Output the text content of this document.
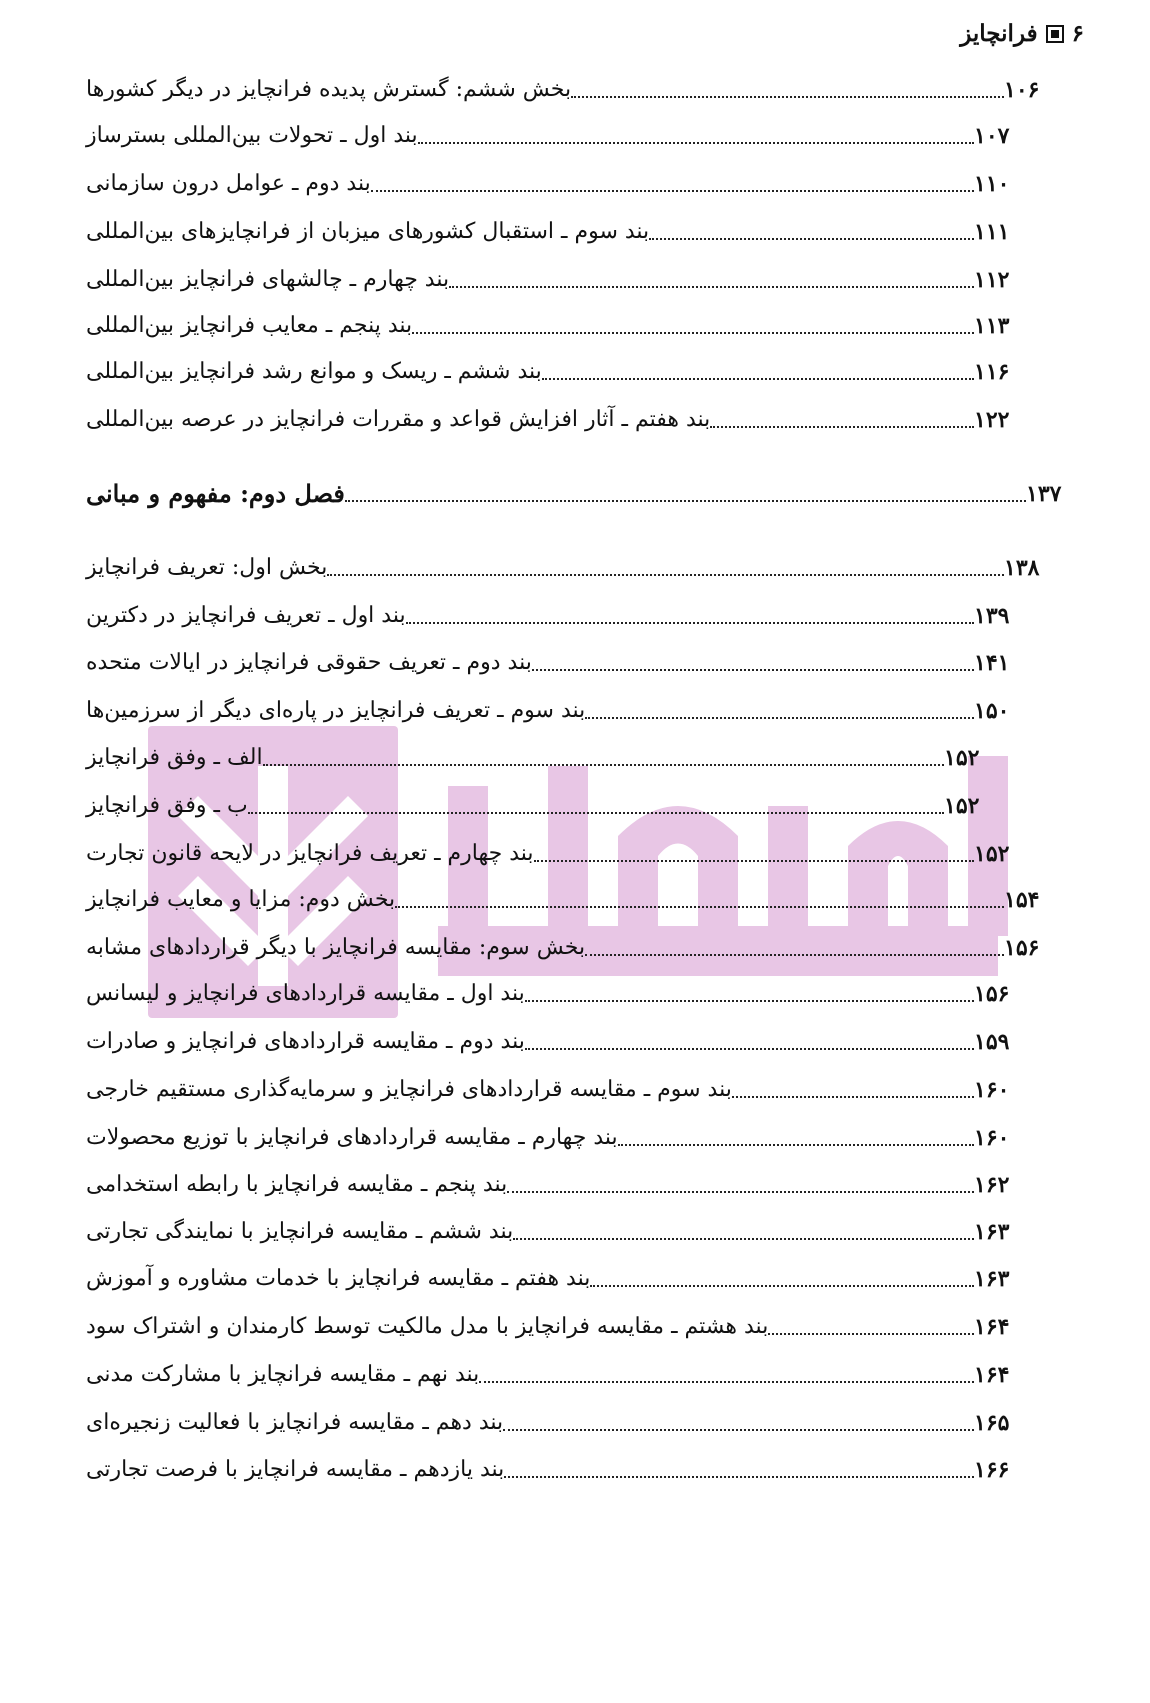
۶
فرانچایز
بخش ششم: گسترش پدیده فرانچایز در دیگر کشورها	۱۰۶
بند اول ـ تحولات بین‌المللی بسترساز	۱۰۷
بند دوم ـ عوامل درون سازمانی	۱۱۰
بند سوم ـ استقبال کشورهای میزبان از فرانچایزهای بین‌المللی	۱۱۱
بند چهارم ـ چالشهای فرانچایز بین‌المللی	۱۱۲
بند پنجم ـ معایب فرانچایز بین‌المللی	۱۱۳
بند ششم ـ ریسک و موانع رشد فرانچایز بین‌المللی	۱۱۶
بند هفتم ـ آثار افزایش قواعد و مقررات فرانچایز در عرصه بین‌المللی	۱۲۲
فصل دوم: مفهوم و مبانی	۱۳۷
بخش اول: تعریف فرانچایز	۱۳۸
بند اول ـ تعریف فرانچایز در دکترین	۱۳۹
بند دوم ـ تعریف حقوقی فرانچایز در ایالات متحده	۱۴۱
بند سوم ـ تعریف فرانچایز در پاره‌ای دیگر از سرزمین‌ها	۱۵۰
الف ـ وفق فرانچایز	۱۵۲
ب ـ وفق فرانچایز	۱۵۲
بند چهارم ـ تعریف فرانچایز در لایحه قانون تجارت	۱۵۲
بخش دوم: مزایا و معایب فرانچایز	۱۵۴
بخش سوم: مقایسه فرانچایز با دیگر قراردادهای مشابه	۱۵۶
بند اول ـ مقایسه قراردادهای فرانچایز و لیسانس	۱۵۶
بند دوم ـ مقایسه قراردادهای فرانچایز و صادرات	۱۵۹
بند سوم ـ مقایسه قراردادهای فرانچایز و سرمایه‌گذاری مستقیم خارجی	۱۶۰
بند چهارم ـ مقایسه قراردادهای فرانچایز با توزیع محصولات	۱۶۰
بند پنجم ـ مقایسه فرانچایز با رابطه استخدامی	۱۶۲
بند ششم ـ مقایسه فرانچایز با نمایندگی تجارتی	۱۶۳
بند هفتم ـ مقایسه فرانچایز با خدمات مشاوره و آموزش	۱۶۳
بند هشتم ـ مقایسه فرانچایز با مدل مالکیت توسط کارمندان و اشتراک سود	۱۶۴
بند نهم ـ مقایسه فرانچایز با مشارکت مدنی	۱۶۴
بند دهم ـ مقایسه فرانچایز با فعالیت زنجیره‌ای	۱۶۵
بند یازدهم ـ مقایسه فرانچایز با فرصت تجارتی	۱۶۶
